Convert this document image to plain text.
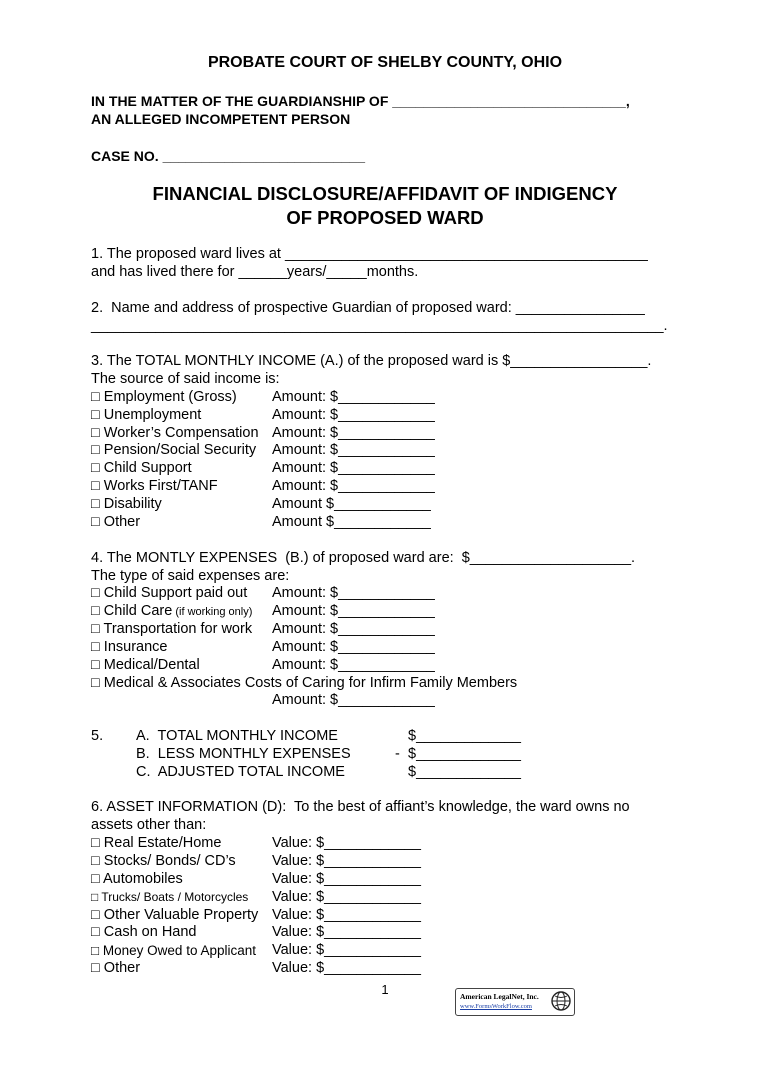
PROBATE COURT OF SHELBY COUNTY, OHIO
IN THE MATTER OF THE GUARDIANSHIP OF ______________________________,
AN ALLEGED INCOMPETENT PERSON
CASE NO. __________________________
FINANCIAL DISCLOSURE/AFFIDAVIT OF INDIGENCY
OF PROPOSED WARD
1. The proposed ward lives at _____________________________________________
and has lived there for ______years/_____months.
2.  Name and address of prospective Guardian of proposed ward: ________________
_______________________________________________________________________.
3. The TOTAL MONTHLY INCOME (A.) of the proposed ward is $_________________.
The source of said income is:
□ Employment (Gross) Amount: $____________
□ Unemployment	Amount: $____________
□ Worker’s Compensation Amount: $____________
□ Pension/Social Security Amount: $____________
□ Child Support	Amount: $____________
□ Works First/TANF	Amount: $____________
□ Disability	Amount $____________
□ Other	Amount $____________
4. The MONTLY EXPENSES  (B.) of proposed ward are:  $____________________.
The type of said expenses are:
□ Child Support paid out Amount: $____________
□ Child Care (if working only) Amount: $____________
□ Transportation for work Amount: $____________
□ Insurance	Amount: $____________
□ Medical/Dental	Amount: $____________
□ Medical & Associates Costs of Caring for Infirm Family Members
Amount: $____________
5. A.  TOTAL MONTHLY INCOME	$_____________
B.  LESS MONTHLY EXPENSES	- $_____________
C.  ADJUSTED TOTAL INCOME	$_____________
6. ASSET INFORMATION (D):  To the best of affiant’s knowledge, the ward owns no
assets other than:
□ Real Estate/Home	Value: $____________
□ Stocks/ Bonds/ CD’s	Value: $____________
□ Automobiles	Value: $____________
□ Trucks/ Boats / Motorcycles Value: $____________
□ Other Valuable Property Value: $____________
□ Cash on Hand	Value: $____________
□ Money Owed to Applicant Value: $____________
□ Other	Value: $____________
1

	American LegalNet, Inc.

www.FormsWorkFlow.com
